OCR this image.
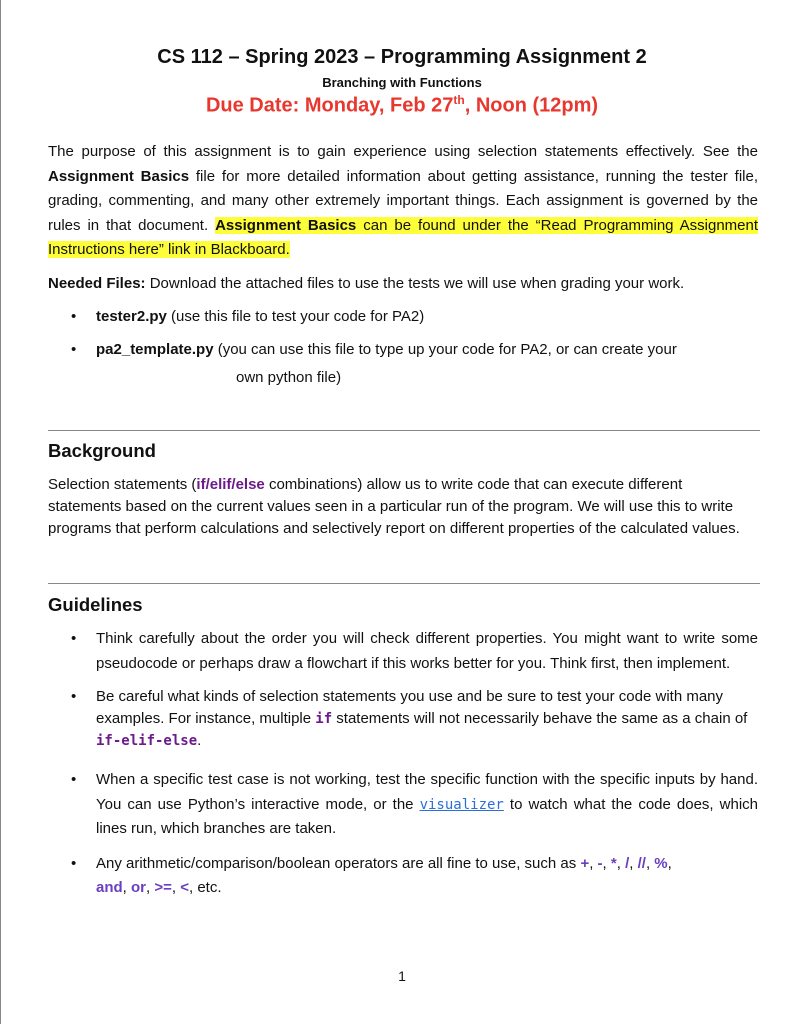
CS 112 – Spring 2023 – Programming Assignment 2
Branching with Functions
Due Date: Monday, Feb 27th, Noon (12pm)
The purpose of this assignment is to gain experience using selection statements effectively. See the Assignment Basics file for more detailed information about getting assistance, running the tester file, grading, commenting, and many other extremely important things. Each assignment is governed by the rules in that document. Assignment Basics can be found under the “Read Programming Assignment Instructions here” link in Blackboard.
Needed Files: Download the attached files to use the tests we will use when grading your work.
• tester2.py (use this file to test your code for PA2)
• pa2_template.py (you can use this file to type up your code for PA2, or can create your
own python file)
Background
Selection statements (if/elif/else combinations) allow us to write code that can execute different statements based on the current values seen in a particular run of the program. We will use this to write programs that perform calculations and selectively report on different properties of the calculated values.
Guidelines
• Think carefully about the order you will check different properties. You might want to write some pseudocode or perhaps draw a flowchart if this works better for you. Think first, then implement.
• Be careful what kinds of selection statements you use and be sure to test your code with many examples. For instance, multiple if statements will not necessarily behave the same as a chain of if-elif-else.
• When a specific test case is not working, test the specific function with the specific inputs by hand. You can use Python’s interactive mode, or the visualizer to watch what the code does, which lines run, which branches are taken.
• Any arithmetic/comparison/boolean operators are all fine to use, such as +, -, *, /, //, %,
and, or, >=, <, etc.
1
